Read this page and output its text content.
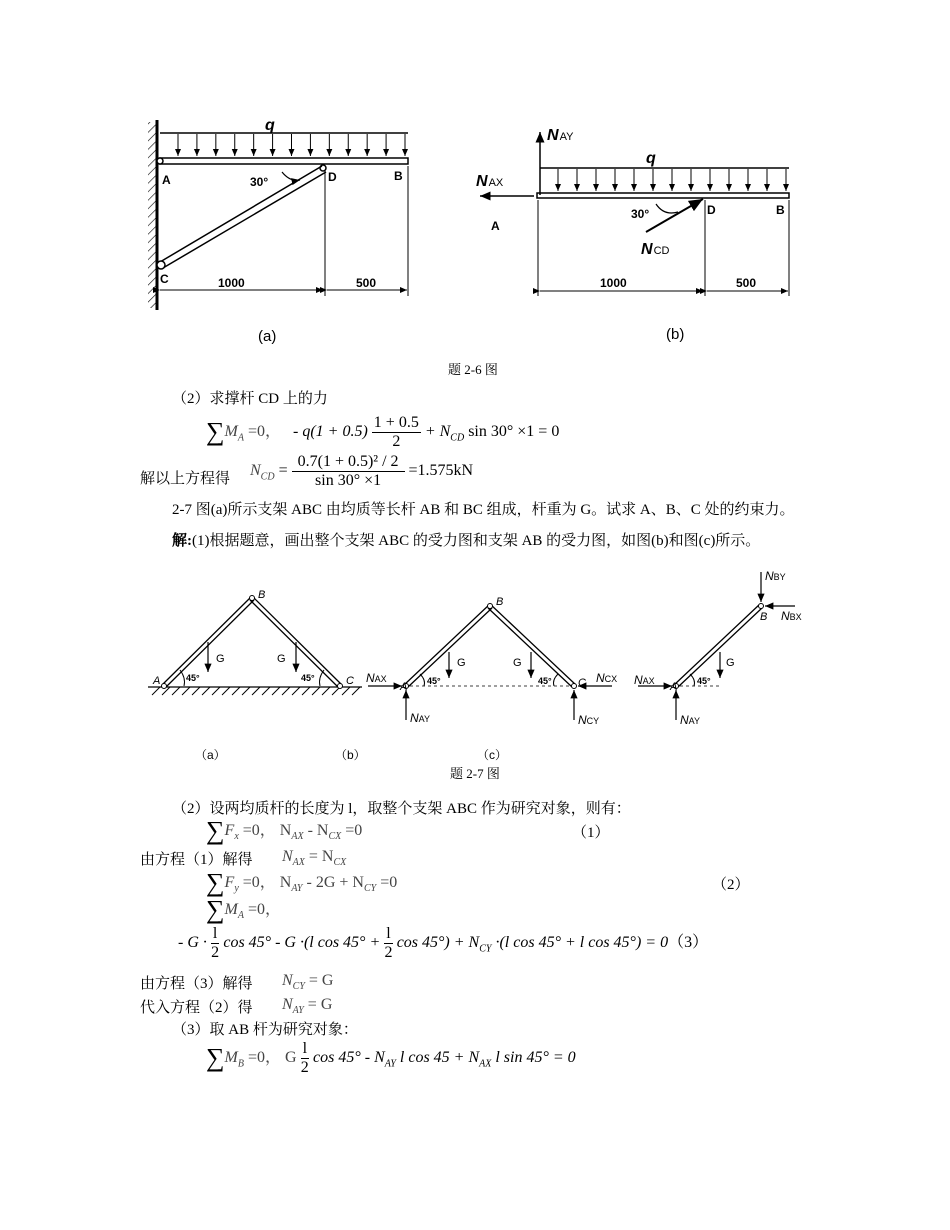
q
A	B
C
D
30°
1000	500
(a)
q
NAY
NAX
NCD
A
D	B
30°
1000	500
(b)
题 2-6 图
（2）求撑杆 CD 上的力
$\sum M_A =0$， - $q(1 + 0.5) \frac{1 + 0.5}{2} + N_{CD}$ sin 30° ×1 = 0
解以上方程得 $N_{CD} = \frac{\text{0.7(1 + 0.5)² / 2}}{\sin 30^\circ \times 1} =1.575kN$
2-7 图(a)所示支架 ABC 由均质等长杆 AB 和 BC 组成，杆重为 G。试求 A、B、C 处的约束力。
解:(1)根据题意，画出整个支架 ABC 的受力图和支架 AB 的受力图，如图(b)和图(c)所示。
A
B
C
G	G
45°	45°
A
B
C
G	G
45°	45°
NAX
NAY
NCX
NCY
A
B
G
45°
NAX
NAY
NBY
NBX
（a）	（b）	（c）
题 2-7 图
（2）设两均质杆的长度为 l，取整个支架 ABC 作为研究对象，则有：
$\sum F_x =0$， $N_{AX} - N_{CX} =0$	（1）
由方程（1）解得 $N_{AX} = N_{CX}$
$\sum F_y =0$， $N_{AY} - 2G + N_{CY} =0$	（2）
$\sum M_A =0$，
- $G \cdot \frac{l}{2}$ cos 45° - G ·(l $\cos 45^\circ + \frac{l}{2}$ $\cos 45^\circ) + N_{CY} \cdot(l$ cos 45° + l cos 45°) = 0（3）
由方程（3）解得 $N_{CY} = G$
代入方程（2）得 $N_{AY} = G$
（3）取 AB 杆为研究对象：
$\sum M_B =0$， G $\frac{l}{2}$ $\cos 45^\circ - N_{AY}$ l $\cos 45 + N_{AX}$ l sin 45° = 0
